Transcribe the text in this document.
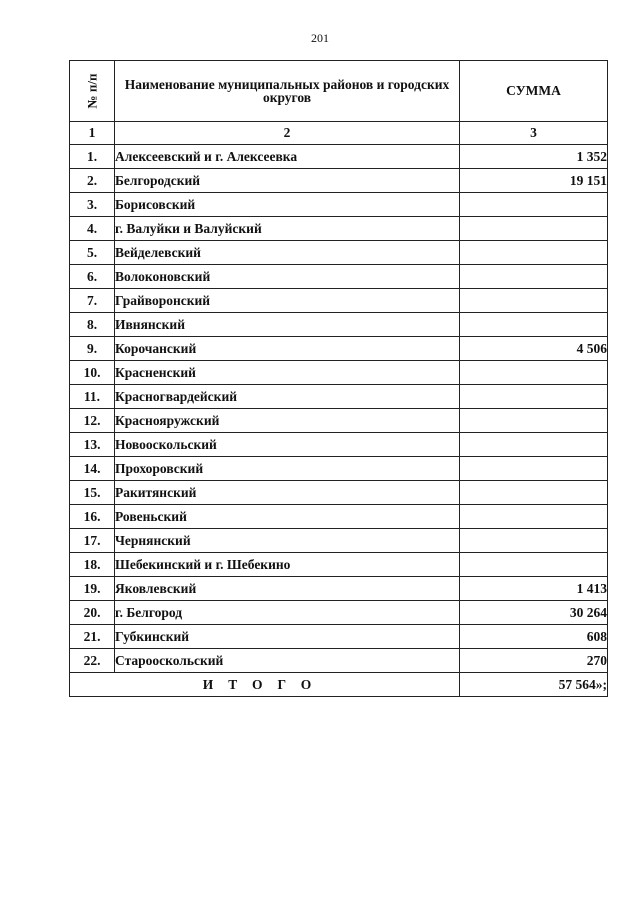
201
№ п/п	Наименование муниципальных районов и городских округов	СУММА
1	2	3
1.	Алексеевский и г. Алексеевка	1 352
2.	Белгородский	19 151
3.	Борисовский	
4.	г. Валуйки и Валуйский	
5.	Вейделевский	
6.	Волоконовский	
7.	Грайворонский	
8.	Ивнянский	
9.	Корочанский	4 506
10.	Красненский	
11.	Красногвардейский	
12.	Краснояружский	
13.	Новооскольский	
14.	Прохоровский	
15.	Ракитянский	
16.	Ровеньский	
17.	Чернянский	
18.	Шебекинский и г. Шебекино	
19.	Яковлевский	1 413
20.	г. Белгород	30 264
21.	Губкинский	608
22.	Старооскольский	270
ИТОГО		57 564»;
